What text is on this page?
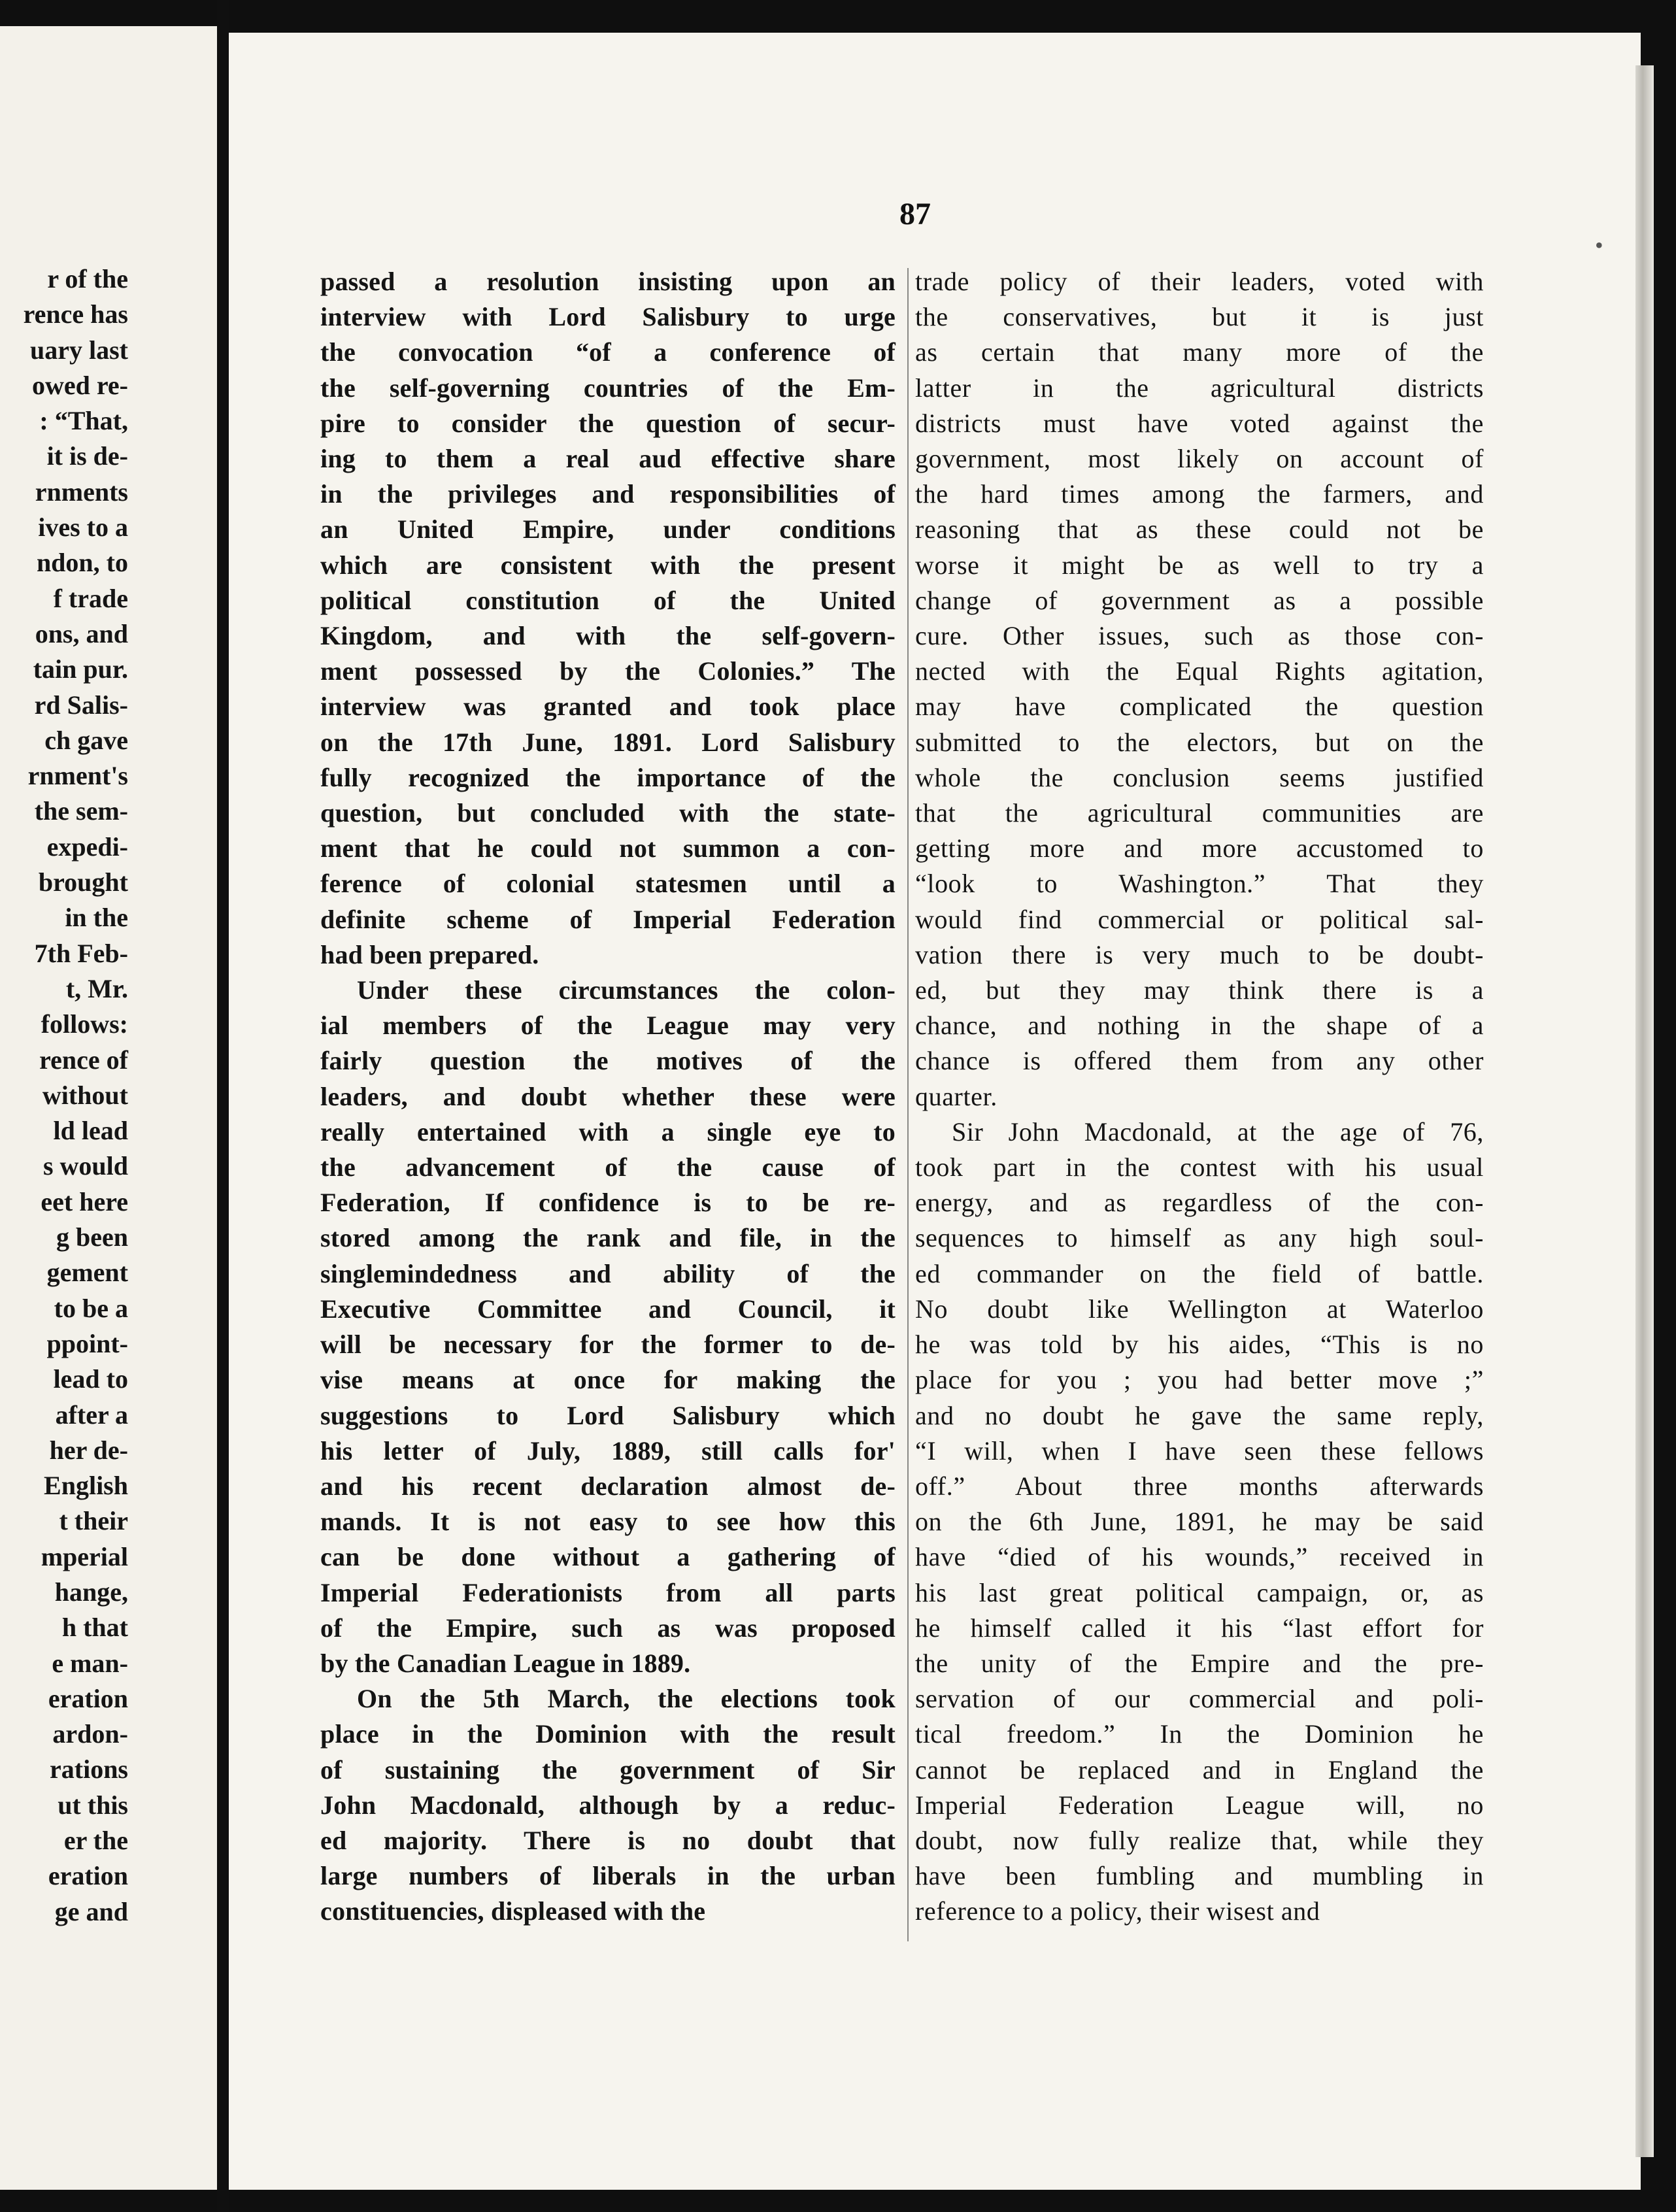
r of the
rence has
uary last
owed re-
: “That,
it is de-
rnments
ives to a
ndon, to
f trade
ons, and
tain pur.
rd Salis-
ch gave
rnment's
the sem-
expedi-
brought
in the
7th Feb-
t, Mr.
follows:
rence of
without
ld lead
s would
eet here
g been
gement
to be a
ppoint-
lead to
after a
her de-
English
t their
mperial
hange,
h that
e man-
eration
ardon-
rations
ut this
er the
eration
ge and
87

passed a resolution insisting upon an

interview with Lord Salisbury to urge

the convocation “of a conference of

the self-governing countries of the Em-

pire to consider the question of secur-

ing to them a real aud effective share

in the privileges and responsibilities of

an United Empire, under conditions

which are consistent with the present

political constitution of the United

Kingdom, and with the self-govern-

ment possessed by the Colonies.” The

interview was granted and took place

on the 17th June, 1891. Lord Salisbury

fully recognized the importance of the

question, but concluded with the state-

ment that he could not summon a con-

ference of colonial statesmen until a

definite scheme of Imperial Federation

had been prepared.

Under these circumstances the colon-

ial members of the League may very

fairly question the motives of the

leaders, and doubt whether these were

really entertained with a single eye to

the advancement of the cause of

Federation, If confidence is to be re-

stored among the rank and file, in the

singlemindedness and ability of the

Executive Committee and Council, it

will be necessary for the former to de-

vise means at once for making the

suggestions to Lord Salisbury which

his letter of July, 1889, still calls for'

and his recent declaration almost de-

mands. It is not easy to see how this

can be done without a gathering of

Imperial Federationists from all parts

of the Empire, such as was proposed

by the Canadian League in 1889.

On the 5th March, the elections took

place in the Dominion with the result

of sustaining the government of Sir

John Macdonald, although by a reduc-

ed majority. There is no doubt that

large numbers of liberals in the urban

constituencies, displeased with the

trade policy of their leaders, voted with

the conservatives, but it is just

as certain that many more of the

latter in the agricultural districts

districts must have voted against the

government, most likely on account of

the hard times among the farmers, and

reasoning that as these could not be

worse it might be as well to try a

change of government as a possible

cure. Other issues, such as those con-

nected with the Equal Rights agitation,

may have complicated the question

submitted to the electors, but on the

whole the conclusion seems justified

that the agricultural communities are

getting more and more accustomed to

“look to Washington.” That they

would find commercial or political sal-

vation there is very much to be doubt-

ed, but they may think there is a

chance, and nothing in the shape of a

chance is offered them from any other

quarter.

Sir John Macdonald, at the age of 76,

took part in the contest with his usual

energy, and as regardless of the con-

sequences to himself as any high soul-

ed commander on the field of battle.

No doubt like Wellington at Waterloo

he was told by his aides, “This is no

place for you ; you had better move ;”

and no doubt he gave the same reply,

“I will, when I have seen these fellows

off.” About three months afterwards

on the 6th June, 1891, he may be said

have “died of his wounds,” received in

his last great political campaign, or, as

he himself called it his “last effort for

the unity of the Empire and the pre-

servation of our commercial and poli-

tical freedom.” In the Dominion he

cannot be replaced and in England the

Imperial Federation League will, no

doubt, now fully realize that, while they

have been fumbling and mumbling in

reference to a policy, their wisest and

•
